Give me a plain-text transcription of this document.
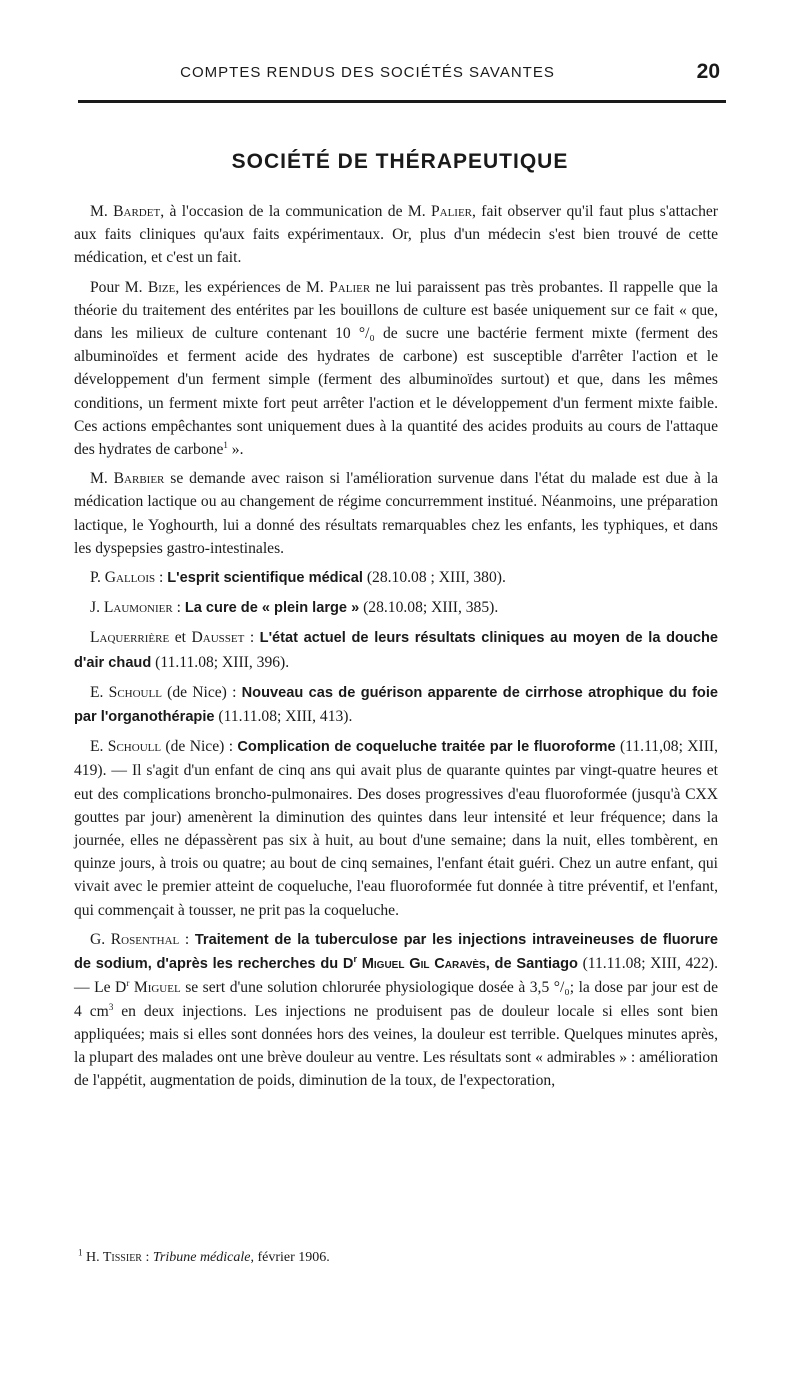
COMPTES RENDUS DES SOCIÉTÉS SAVANTES	20
SOCIÉTÉ DE THÉRAPEUTIQUE

M. Bardet, à l'occasion de la communication de M. Palier, fait observer qu'il faut plus s'attacher aux faits cliniques qu'aux faits expérimentaux. Or, plus d'un médecin s'est bien trouvé de cette médication, et c'est un fait.

Pour M. Bize, les expériences de M. Palier ne lui paraissent pas très probantes. Il rappelle que la théorie du traitement des entérites par les bouillons de culture est basée uniquement sur ce fait « que, dans les milieux de culture contenant 10 °/₀ de sucre une bactérie ferment mixte (ferment des albuminoïdes et ferment acide des hydrates de carbone) est susceptible d'arrêter l'action et le développement d'un ferment simple (ferment des albuminoïdes surtout) et que, dans les mêmes conditions, un ferment mixte fort peut arrêter l'action et le développement d'un ferment mixte faible. Ces actions empêchantes sont uniquement dues à la quantité des acides produits au cours de l'attaque des hydrates de carbone$^1$ ».

M. Barbier se demande avec raison si l'amélioration survenue dans l'état du malade est due à la médication lactique ou au changement de régime concurremment institué. Néanmoins, une préparation lactique, le Yoghourth, lui a donné des résultats remarquables chez les enfants, les typhiques, et dans les dyspepsies gastro-intestinales.

P. Gallois : L'esprit scientifique médical (28.10.08 ; XIII, 380).

J. Laumonier : La cure de « plein large » (28.10.08; XIII, 385).

Laquerrière et Dausset : L'état actuel de leurs résultats cliniques au moyen de la douche d'air chaud (11.11.08; XIII, 396).

E. Schoull (de Nice) : Nouveau cas de guérison apparente de cirrhose atrophique du foie par l'organothérapie (11.11.08; XIII, 413).

E. Schoull (de Nice) : Complication de coqueluche traitée par le fluoroforme (11.11,08; XIII, 419). — Il s'agit d'un enfant de cinq ans qui avait plus de quarante quintes par vingt-quatre heures et eut des complications broncho-pulmonaires. Des doses progressives d'eau fluoroformée (jusqu'à CXX gouttes par jour) amenèrent la diminution des quintes dans leur intensité et leur fréquence; dans la journée, elles ne dépassèrent pas six à huit, au bout d'une semaine; dans la nuit, elles tombèrent, en quinze jours, à trois ou quatre; au bout de cinq semaines, l'enfant était guéri. Chez un autre enfant, qui vivait avec le premier atteint de coqueluche, l'eau fluoroformée fut donnée à titre préventif, et l'enfant, qui commençait à tousser, ne prit pas la coqueluche.

G. Rosenthal : Traitement de la tuberculose par les injections intraveineuses de fluorure de sodium, d'après les recherches du $D^r$ Miguel Gil Caravès, de Santiago (11.11.08; XIII, 422). — Le $D^r$ Miguel se sert d'une solution chlorurée physiologique dosée à 3,5 °/₀; la dose par jour est de 4 $cm^3$ en deux injections. Les injections ne produisent pas de douleur locale si elles sont bien appliquées; mais si elles sont données hors des veines, la douleur est terrible. Quelques minutes après, la plupart des malades ont une brève douleur au ventre. Les résultats sont « admirables » : amélioration de l'appétit, augmentation de poids, diminution de la toux, de l'expectoration,

$^1$ H. Tissier : Tribune médicale, février 1906.
